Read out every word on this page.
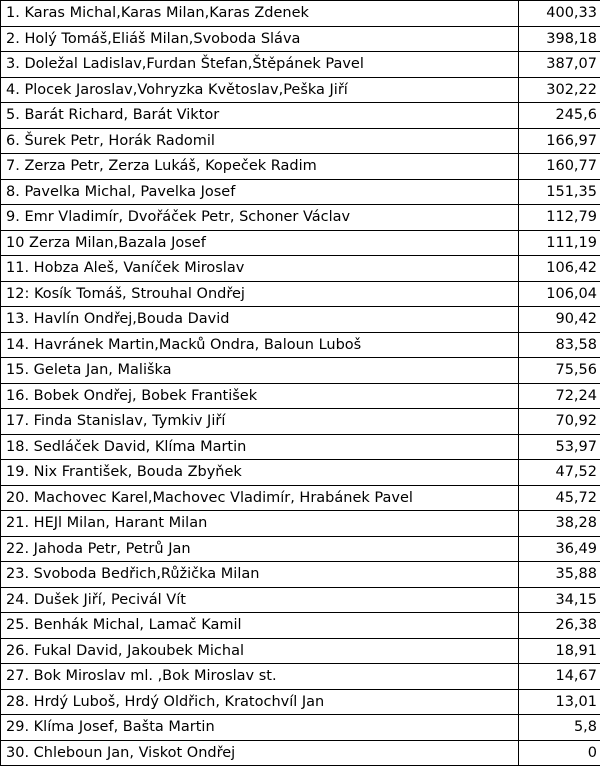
1. Karas Michal,Karas Milan,Karas Zdenek	400,33
2. Holý Tomáš,Eliáš Milan,Svoboda Sláva	398,18
3. Doležal Ladislav,Furdan Štefan,Štěpánek Pavel	387,07
4. Plocek Jaroslav,Vohryzka Květoslav,Peška Jiří	302,22
5. Barát Richard, Barát Viktor	245,6
6. Šurek Petr, Horák Radomil	166,97
7. Zerza Petr, Zerza Lukáš, Kopeček Radim	160,77
8. Pavelka Michal, Pavelka Josef	151,35
9. Emr Vladimír, Dvořáček Petr, Schoner Václav	112,79
10 Zerza Milan,Bazala Josef	111,19
11. Hobza Aleš, Vaníček Miroslav	106,42
12: Kosík Tomáš, Strouhal Ondřej	106,04
13. Havlín Ondřej,Bouda David	90,42
14. Havránek Martin,Macků Ondra, Baloun Luboš	83,58
15. Geleta Jan, Mališka	75,56
16. Bobek Ondřej, Bobek František	72,24
17. Finda Stanislav, Tymkiv Jiří	70,92
18. Sedláček David, Klíma Martin	53,97
19. Nix František, Bouda Zbyňek	47,52
20. Machovec Karel,Machovec Vladimír, Hrabánek Pavel	45,72
21. HEJl Milan, Harant Milan	38,28
22. Jahoda Petr, Petrů Jan	36,49
23. Svoboda Bedřich,Růžička Milan	35,88
24. Dušek Jiří, Pecivál Vít	34,15
25. Benhák Michal, Lamač Kamil	26,38
26. Fukal David, Jakoubek Michal	18,91
27. Bok Miroslav ml. ,Bok Miroslav st.	14,67
28. Hrdý Luboš, Hrdý Oldřich, Kratochvíl Jan	13,01
29. Klíma Josef, Bašta Martin	5,8
30. Chleboun Jan, Viskot Ondřej	0
